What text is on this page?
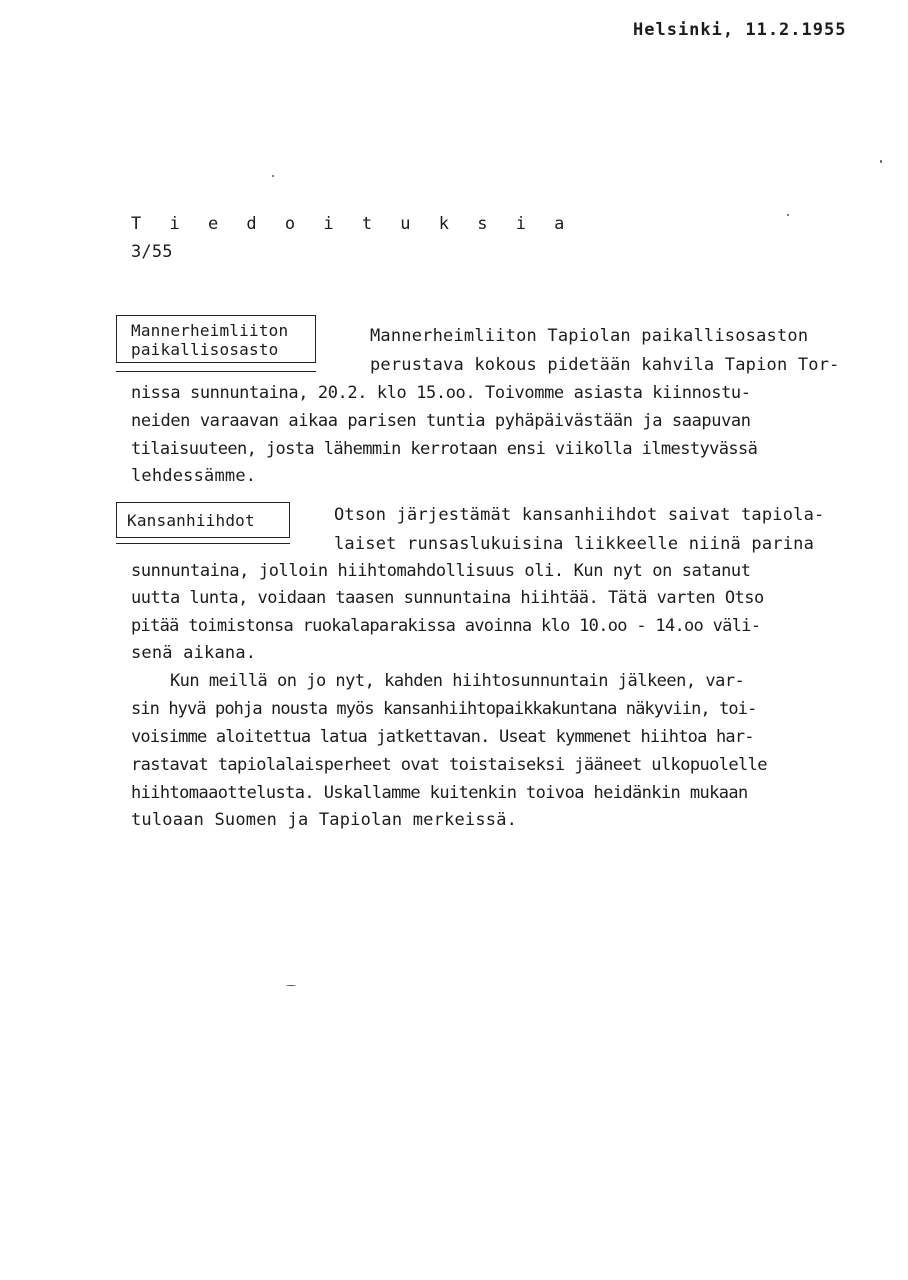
Helsinki, 11.2.1955
T i e d o i t u k s i a
3/55
Mannerheimliiton
paikallisosasto
Mannerheimliiton Tapiolan paikallisosaston
perustava kokous pidetään kahvila Tapion Tor-
nissa sunnuntaina, 20.2. klo 15.oo. Toivomme asiasta kiinnostu-
neiden varaavan aikaa parisen tuntia pyhäpäivästään ja saapuvan
tilaisuuteen, josta lähemmin kerrotaan ensi viikolla ilmestyvässä
lehdessämme.
Kansanhiihdot	Otson järjestämät kansanhiihdot saivat tapiola-
laiset runsaslukuisina liikkeelle niinä parina
sunnuntaina, jolloin hiihtomahdollisuus oli. Kun nyt on satanut
uutta lunta, voidaan taasen sunnuntaina hiihtää. Tätä varten Otso
pitää toimistonsa ruokalaparakissa avoinna klo 10.oo - 14.oo väli-
senä aikana.
Kun meillä on jo nyt, kahden hiihtosunnuntain jälkeen, var-
sin hyvä pohja nousta myös kansanhiihtopaikkakuntana näkyviin, toi-
voisimme aloitettua latua jatkettavan. Useat kymmenet hiihtoa har-
rastavat tapiolalaisperheet ovat toistaiseksi jääneet ulkopuolelle
hiihtomaaottelusta. Uskallamme kuitenkin toivoa heidänkin mukaan
tuloaan Suomen ja Tapiolan merkeissä.
